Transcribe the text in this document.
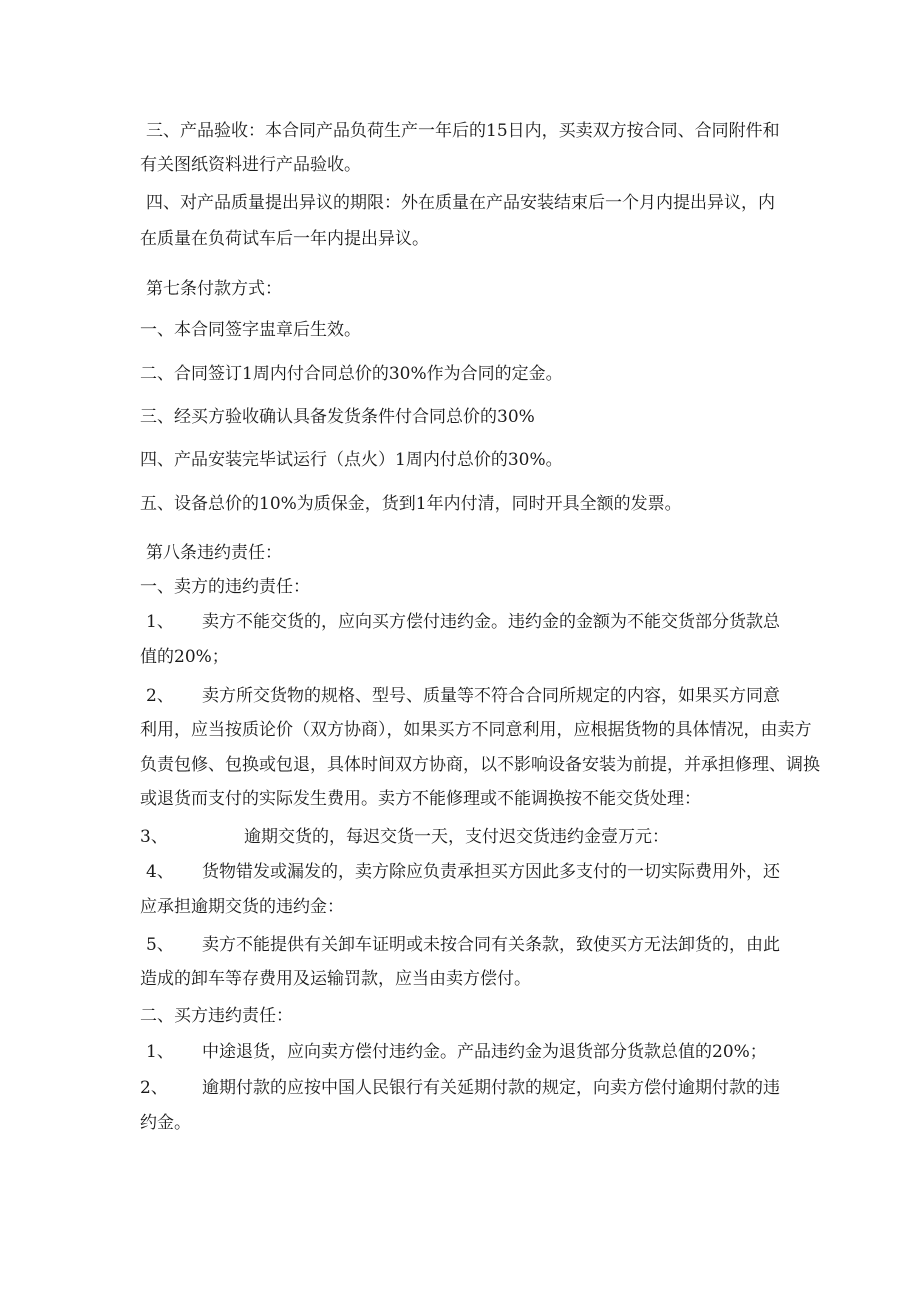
三、产品验收：本合同产品负荷生产一年后的15日内，买卖双方按合同、合同附件和
有关图纸资料进行产品验收。
四、对产品质量提出异议的期限：外在质量在产品安装结束后一个月内提出异议，内
在质量在负荷试车后一年内提出异议。
第七条付款方式：
一、本合同签字盅章后生效。
二、合同签订1周内付合同总价的30%作为合同的定金。
三、经买方验收确认具备发货条件付合同总价的30%
四、产品安装完毕试运行（点火）1周内付总价的30%。
五、设备总价的10%为质保金，货到1年内付清，同时开具全额的发票。
第八条违约责任：
一、卖方的违约责任：
1、 卖方不能交货的，应向买方偿付违约金。违约金的金额为不能交货部分货款总
值的20%；
2、 卖方所交货物的规格、型号、质量等不符合合同所规定的内容，如果买方同意
利用，应当按质论价（双方协商），如果买方不同意利用，应根据货物的具体情况，由卖方
负责包修、包换或包退，具体时间双方协商，以不影响设备安装为前提，并承担修理、调换
或退货而支付的实际发生费用。卖方不能修理或不能调换按不能交货处理：
3、	逾期交货的，每迟交货一天，支付迟交货违约金壹万元：
4、 货物错发或漏发的，卖方除应负责承担买方因此多支付的一切实际费用外，还
应承担逾期交货的违约金：
5、 卖方不能提供有关卸车证明或未按合同有关条款，致使买方无法卸货的，由此
造成的卸车等存费用及运输罚款，应当由卖方偿付。
二、买方违约责任：
1、 中途退货，应向卖方偿付违约金。产品违约金为退货部分货款总值的20%；
2、 逾期付款的应按中国人民银行有关延期付款的规定，向卖方偿付逾期付款的违
约金。
